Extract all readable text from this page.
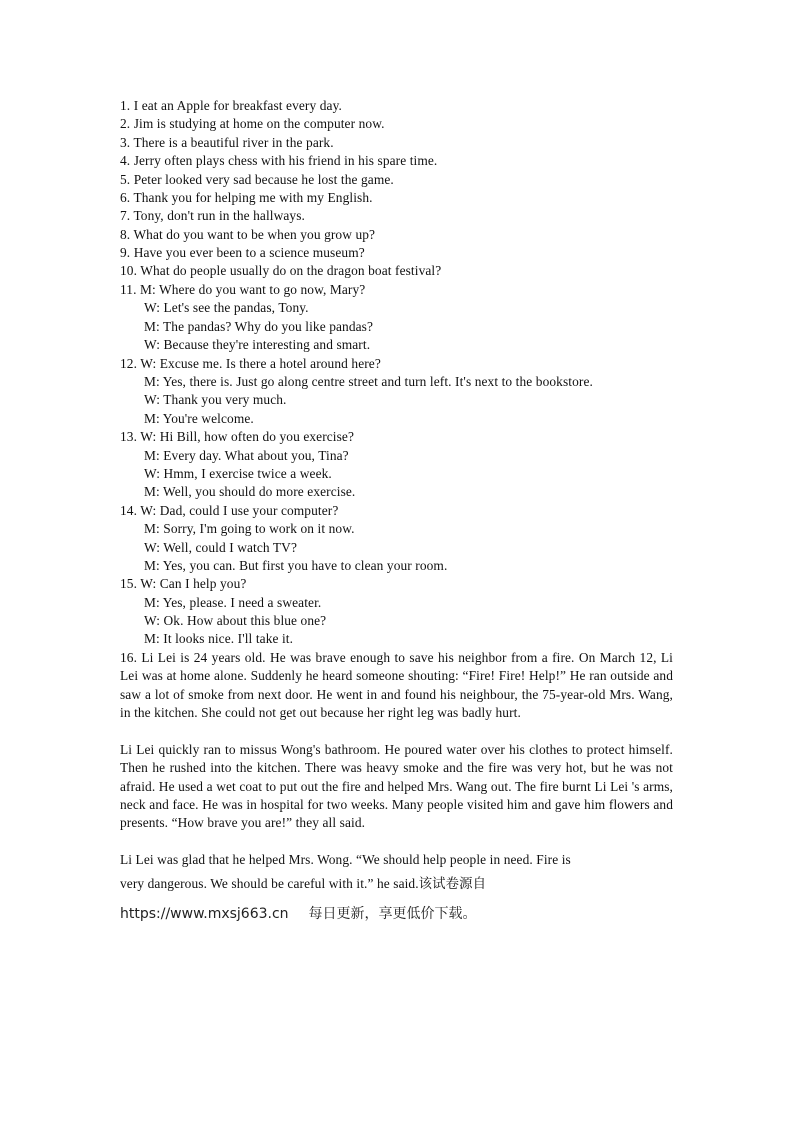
1. I eat an Apple for breakfast every day.
2. Jim is studying at home on the computer now.
3. There is a beautiful river in the park.
4. Jerry often plays chess with his friend in his spare time.
5. Peter looked very sad because he lost the game.
6. Thank you for helping me with my English.
7. Tony, don't run in the hallways.
8. What do you want to be when you grow up?
9. Have you ever been to a science museum?
10. What do people usually do on the dragon boat festival?
11. M: Where do you want to go now, Mary?
W: Let's see the pandas, Tony.
M: The pandas? Why do you like pandas?
W: Because they're interesting and smart.
12. W: Excuse me. Is there a hotel around here?
M: Yes, there is. Just go along centre street and turn left. It's next to the bookstore.
W: Thank you very much.
M: You're welcome.
13. W: Hi Bill, how often do you exercise?
M: Every day. What about you, Tina?
W: Hmm, I exercise twice a week.
M: Well, you should do more exercise.
14. W: Dad, could I use your computer?
M: Sorry, I'm going to work on it now.
W: Well, could I watch TV?
M: Yes, you can. But first you have to clean your room.
15. W: Can I help you?
M: Yes, please. I need a sweater.
W: Ok. How about this blue one?
M: It looks nice. I'll take it.
16. Li Lei is 24 years old. He was brave enough to save his neighbor from a fire. On March 12, Li Lei was at home alone. Suddenly he heard someone shouting: “Fire! Fire! Help!” He ran outside and saw a lot of smoke from next door. He went in and found his neighbour, the 75-year-old Mrs. Wang, in the kitchen. She could not get out because her right leg was badly hurt.
Li Lei quickly ran to missus Wong's bathroom. He poured water over his clothes to protect himself. Then he rushed into the kitchen. There was heavy smoke and the fire was very hot, but he was not afraid. He used a wet coat to put out the fire and helped Mrs. Wang out. The fire burnt Li Lei 's arms, neck and face. He was in hospital for two weeks. Many people visited him and gave him flowers and presents. “How brave you are!” they all said.
Li Lei was glad that he helped Mrs. Wong. “We should help people in need. Fire is
very dangerous. We should be careful with it.” he said.该试卷源自
https://www.mxsj663.cn 每日更新，享更低价下载。
